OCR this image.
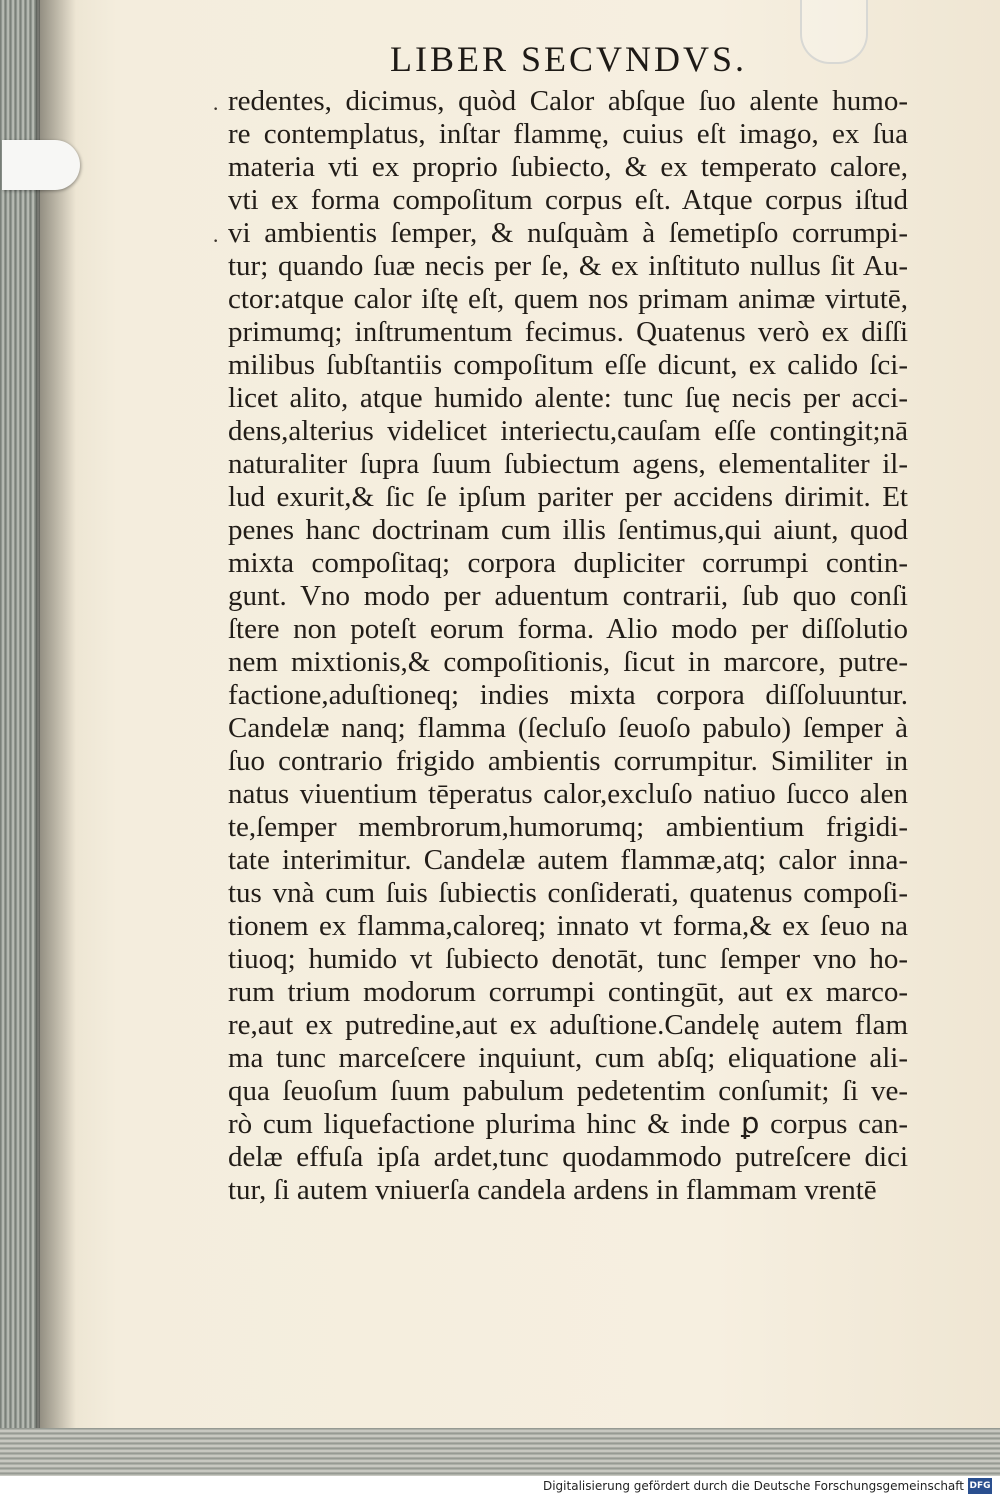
LIBER SECVNDVS.
·
·
redentes, dicimus, quòd Calor abſque ſuo alente humo-
re contemplatus, inſtar flammę, cuius eſt imago, ex ſua
materia vti ex proprio ſubiecto, & ex temperato calore,
vti ex forma compoſitum corpus eſt. Atque corpus iſtud
vi ambientis ſemper, & nuſquàm à ſemetipſo corrumpi-
tur; quando ſuæ necis per ſe, & ex inſtituto nullus ſit Au-
ctor:atque calor iſtę eſt, quem nos primam animæ virtutē,
primumq; inſtrumentum fecimus. Quatenus verò ex diſſi
milibus ſubſtantiis compoſitum eſſe dicunt, ex calido ſci-
licet alito, atque humido alente: tunc ſuę necis per acci-
dens,alterius videlicet interiectu,cauſam eſſe contingit;nā
naturaliter ſupra ſuum ſubiectum agens, elementaliter il-
lud exurit,& ſic ſe ipſum pariter per accidens dirimit. Et
penes hanc doctrinam cum illis ſentimus,qui aiunt, quod
mixta compoſitaq; corpora dupliciter corrumpi contin-
gunt. Vno modo per aduentum contrarii, ſub quo conſi
ſtere non poteſt eorum forma. Alio modo per diſſolutio
nem mixtionis,& compoſitionis, ſicut in marcore, putre-
factione,aduſtioneq; indies mixta corpora diſſoluuntur.
Candelæ nanq; flamma (ſecluſo ſeuoſo pabulo) ſemper à
ſuo contrario frigido ambientis corrumpitur. Similiter in
natus viuentium tēperatus calor,excluſo natiuo ſucco alen
te,ſemper membrorum,humorumq; ambientium frigidi-
tate interimitur. Candelæ autem flammæ,atq; calor inna-
tus vnà cum ſuis ſubiectis conſiderati, quatenus compoſi-
tionem ex flamma,caloreq; innato vt forma,& ex ſeuo na
tiuoq; humido vt ſubiecto denotāt, tunc ſemper vno ho-
rum trium modorum corrumpi contingūt, aut ex marco-
re,aut ex putredine,aut ex aduſtione.Candelę autem flam
ma tunc marceſcere inquiunt, cum abſq; eliquatione ali-
qua ſeuoſum ſuum pabulum pedetentim conſumit; ſi ve-
rò cum liquefactione plurima hinc & inde ꝑ corpus can-
delæ effuſa ipſa ardet,tunc quodammodo putreſcere dici
tur, ſi autem vniuerſa candela ardens in flammam vrentē
Digitalisierung gefördert durch die Deutsche Forschungsgemeinschaft DFG
